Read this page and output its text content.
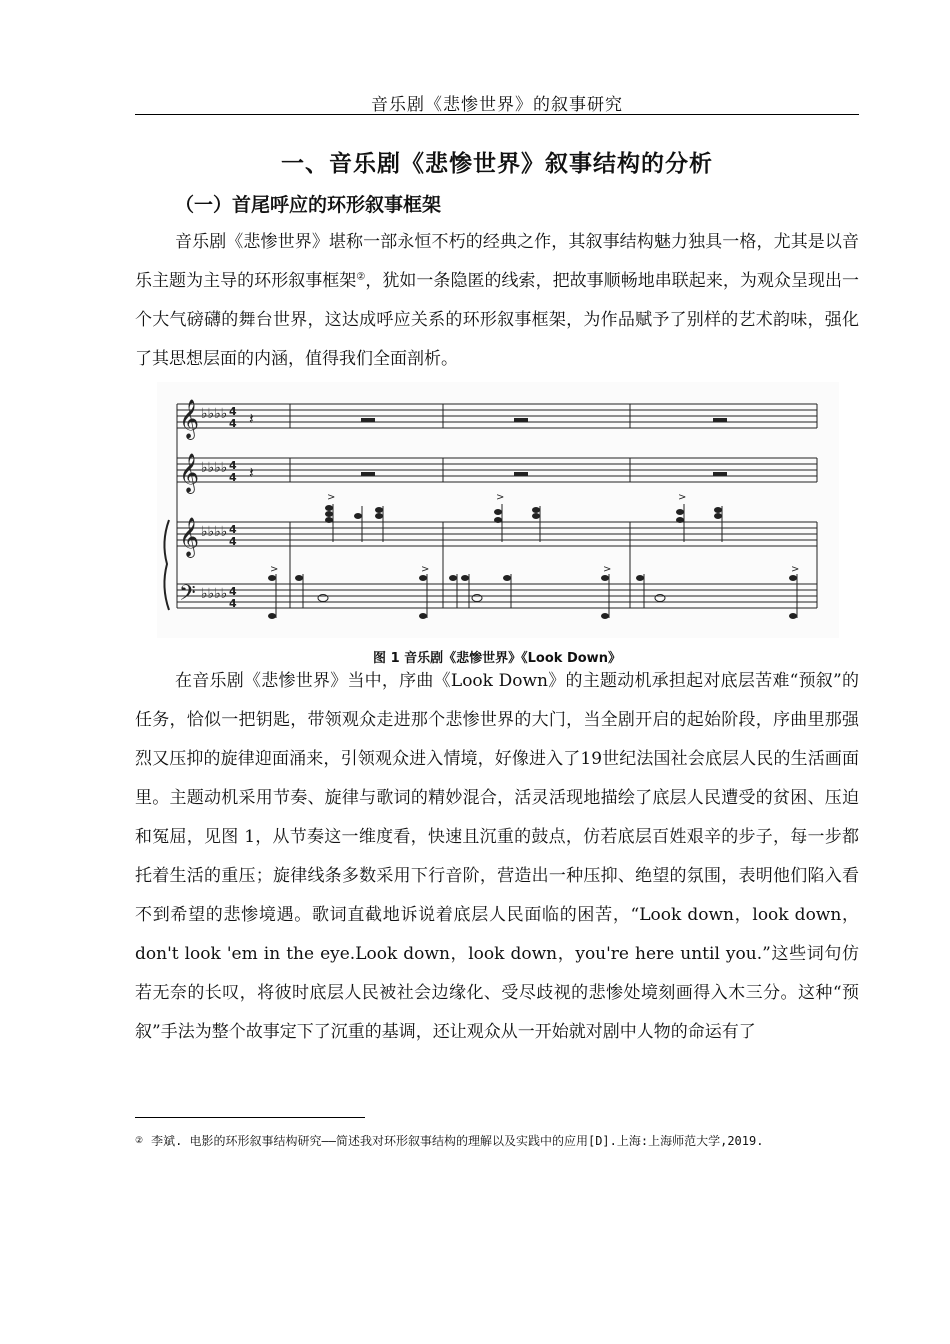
音乐剧《悲惨世界》的叙事研究
一、音乐剧《悲惨世界》叙事结构的分析
（一）首尾呼应的环形叙事框架

音乐剧《悲惨世界》堪称一部永恒不朽的经典之作，其叙事结构魅力独具一格，尤其是以音乐主题为主导的环形叙事框架②，犹如一条隐匿的线索，把故事顺畅地串联起来，为观众呈现出一个大气磅礴的舞台世界，这达成呼应关系的环形叙事框架，为作品赋予了别样的艺术韵味，强化了其思想层面的内涵，值得我们全面剖析。

𝄞
𝄞
𝄞
𝄢
♭♭♭♭
♭♭♭♭
♭♭♭♭
♭♭♭♭
4
4
4
4
4
4
4
4
𝄽
𝄽
>	>	>
>	>	>	>
图 1 音乐剧《悲惨世界》《Look Down》

在音乐剧《悲惨世界》当中，序曲《Look Down》的主题动机承担起对底层苦难“预叙”的任务，恰似一把钥匙，带领观众走进那个悲惨世界的大门，当全剧开启的起始阶段，序曲里那强烈又压抑的旋律迎面涌来，引领观众进入情境，好像进入了19世纪法国社会底层人民的生活画面里。主题动机采用节奏、旋律与歌词的精妙混合，活灵活现地描绘了底层人民遭受的贫困、压迫和冤屈，见图 1，从节奏这一维度看，快速且沉重的鼓点，仿若底层百姓艰辛的步子，每一步都托着生活的重压；旋律线条多数采用下行音阶，营造出一种压抑、绝望的氛围，表明他们陷入看不到希望的悲惨境遇。歌词直截地诉说着底层人民面临的困苦，“Look down，look down，don't look 'em in the eye.Look down，look down，you're here until you.”这些词句仿若无奈的长叹，将彼时底层人民被社会边缘化、受尽歧视的悲惨处境刻画得入木三分。这种“预叙”手法为整个故事定下了沉重的基调，还让观众从一开始就对剧中人物的命运有了

② 李斌. 电影的环形叙事结构研究——简述我对环形叙事结构的理解以及实践中的应用[D].上海:上海师范大学,2019.
